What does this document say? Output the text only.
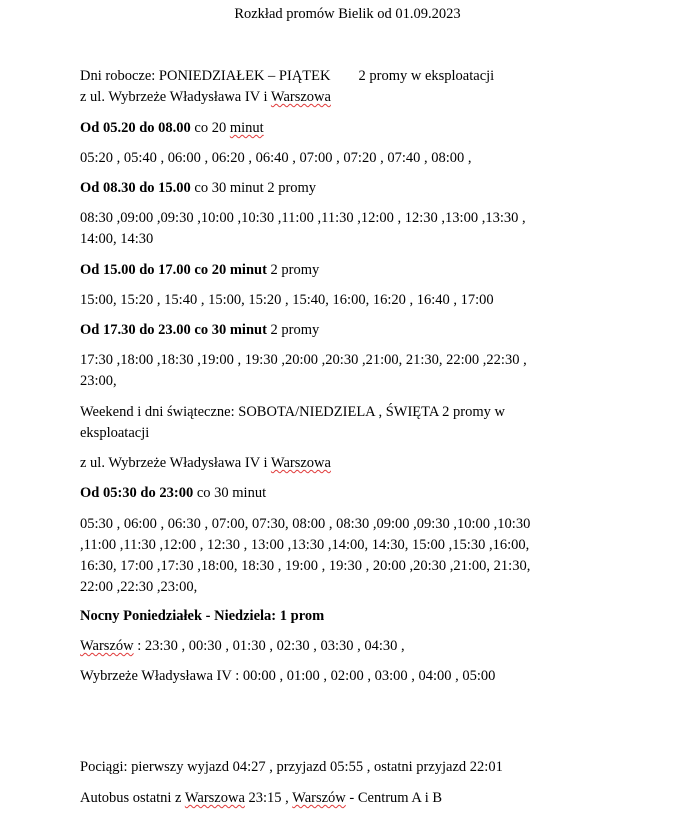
Rozkład promów Bielik od 01.09.2023
Dni robocze: PONIEDZIAŁEK – PIĄTEK 2 promy w eksploatacji
z ul. Wybrzeże Władysława IV i Warszowa
Od 05.20 do 08.00 co 20 minut
05:20 , 05:40 , 06:00 , 06:20 , 06:40 , 07:00 , 07:20 , 07:40 , 08:00 ,
Od 08.30 do 15.00 co 30 minut 2 promy
08:30 ,09:00 ,09:30 ,10:00 ,10:30 ,11:00 ,11:30 ,12:00 , 12:30 ,13:00 ,13:30 ,
14:00, 14:30
Od 15.00 do 17.00 co 20 minut 2 promy
15:00, 15:20 , 15:40 , 15:00, 15:20 , 15:40, 16:00, 16:20 , 16:40 , 17:00
Od 17.30 do 23.00 co 30 minut 2 promy
17:30 ,18:00 ,18:30 ,19:00 , 19:30 ,20:00 ,20:30 ,21:00, 21:30, 22:00 ,22:30 ,
23:00,
Weekend i dni świąteczne: SOBOTA/NIEDZIELA , ŚWIĘTA 2 promy w
eksploatacji
z ul. Wybrzeże Władysława IV i Warszowa
Od 05:30 do 23:00 co 30 minut
05:30 , 06:00 , 06:30 , 07:00, 07:30, 08:00 , 08:30 ,09:00 ,09:30 ,10:00 ,10:30
,11:00 ,11:30 ,12:00 , 12:30 , 13:00 ,13:30 ,14:00, 14:30, 15:00 ,15:30 ,16:00,
16:30, 17:00 ,17:30 ,18:00, 18:30 , 19:00 , 19:30 , 20:00 ,20:30 ,21:00, 21:30,
22:00 ,22:30 ,23:00,
Nocny Poniedziałek - Niedziela: 1 prom
Warszów : 23:30 , 00:30 , 01:30 , 02:30 , 03:30 , 04:30 ,
Wybrzeże Władysława IV : 00:00 , 01:00 , 02:00 , 03:00 , 04:00 , 05:00
Pociągi: pierwszy wyjazd 04:27 , przyjazd 05:55 , ostatni przyjazd 22:01
Autobus ostatni z Warszowa 23:15 , Warszów - Centrum A i B
